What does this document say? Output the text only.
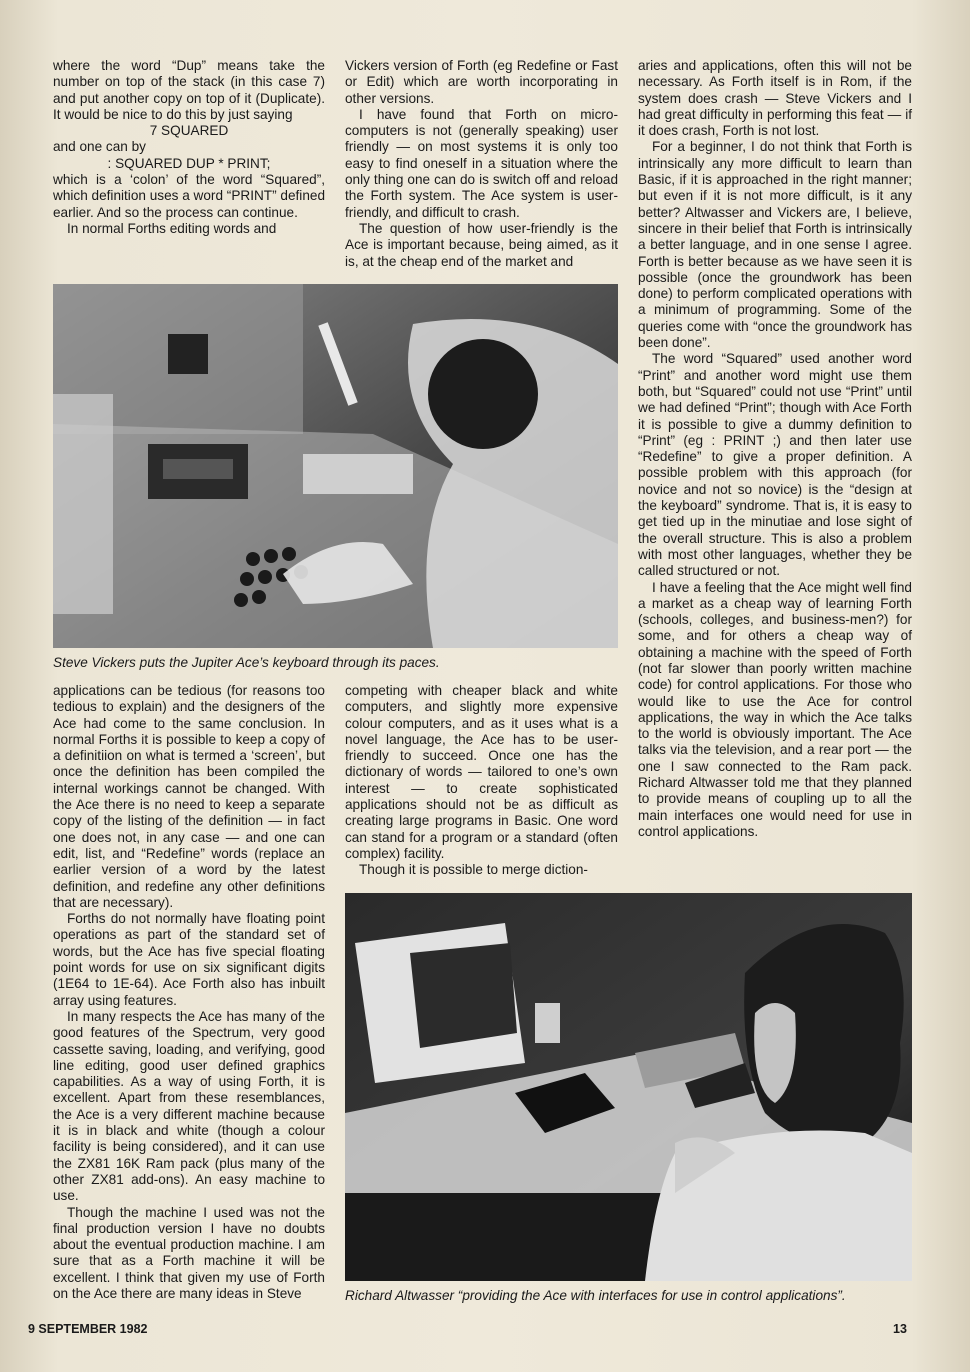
where the word “Dup” means take the number on top of the stack (in this case 7) and put another copy on top of it (Duplicate). It would be nice to do this by just saying

7 SQUARED

and one can by

: SQUARED DUP * PRINT;

which is a ‘colon’ of the word “Squared”, which definition uses a word “PRINT” defined earlier. And so the process can continue.

In normal Forths editing words and

Vickers version of Forth (eg Redefine or Fast or Edit) which are worth incorporating in other versions.

I have found that Forth on micro-computers is not (generally speaking) user friendly — on most systems it is only too easy to find oneself in a situation where the only thing one can do is switch off and reload the Forth system. The Ace system is user-friendly, and difficult to crash.

The question of how user-friendly is the Ace is important because, being aimed, as it is, at the cheap end of the market and

aries and applications, often this will not be necessary. As Forth itself is in Rom, if the system does crash — Steve Vickers and I had great difficulty in performing this feat — if it does crash, Forth is not lost.

For a beginner, I do not think that Forth is intrinsically any more difficult to learn than Basic, if it is approached in the right manner; but even if it is not more difficult, is it any better? Altwasser and Vickers are, I believe, sincere in their belief that Forth is intrinsically a better language, and in one sense I agree. Forth is better because as we have seen it is possible (once the groundwork has been done) to perform complicated operations with a minimum of programming. Some of the queries come with “once the groundwork has been done”.

The word “Squared” used another word “Print” and another word might use them both, but “Squared” could not use “Print” until we had defined “Print”; though with Ace Forth it is possible to give a dummy definition to “Print” (eg : PRINT ;) and then later use “Redefine” to give a proper definition. A possible problem with this approach (for novice and not so novice) is the “design at the keyboard” syndrome. That is, it is easy to get tied up in the minutiae and lose sight of the overall structure. This is also a problem with most other languages, whether they be called structured or not.

I have a feeling that the Ace might well find a market as a cheap way of learning Forth (schools, colleges, and business-men?) for some, and for others a cheap way of obtaining a machine with the speed of Forth (not far slower than poorly written machine code) for control applications. For those who would like to use the Ace for control applications, the way in which the Ace talks to the world is obviously important. The Ace talks via the television, and a rear port — the one I saw connected to the Ram pack. Richard Altwasser told me that they planned to provide means of coupling up to all the main interfaces one would need for use in control applications.

Steve Vickers puts the Jupiter Ace’s keyboard through its paces.

applications can be tedious (for reasons too tedious to explain) and the designers of the Ace had come to the same conclusion. In normal Forths it is possible to keep a copy of a definitiion on what is termed a ‘screen’, but once the definition has been compiled the internal workings cannot be changed. With the Ace there is no need to keep a separate copy of the listing of the definition — in fact one does not, in any case — and one can edit, list, and “Redefine” words (replace an earlier version of a word by the latest definition, and redefine any other definitions that are necessary).

Forths do not normally have floating point operations as part of the standard set of words, but the Ace has five special floating point words for use on six significant digits (1E64 to 1E-64). Ace Forth also has inbuilt array using features.

In many respects the Ace has many of the good features of the Spectrum, very good cassette saving, loading, and verifying, good line editing, good user defined graphics capabilities. As a way of using Forth, it is excellent. Apart from these resemblances, the Ace is a very different machine because it is in black and white (though a colour facility is being considered), and it can use the ZX81 16K Ram pack (plus many of the other ZX81 add-ons). An easy machine to use.

Though the machine I used was not the final production version I have no doubts about the eventual production machine. I am sure that as a Forth machine it will be excellent. I think that given my use of Forth on the Ace there are many ideas in Steve

competing with cheaper black and white computers, and slightly more expensive colour computers, and as it uses what is a novel language, the Ace has to be user-friendly to succeed. Once one has the dictionary of words — tailored to one’s own interest — to create sophisticated applications should not be as difficult as creating large programs in Basic. One word can stand for a program or a standard (often complex) facility.

Though it is possible to merge diction-

Richard Altwasser “providing the Ace with interfaces for use in control applications”.
9 SEPTEMBER 1982	13
